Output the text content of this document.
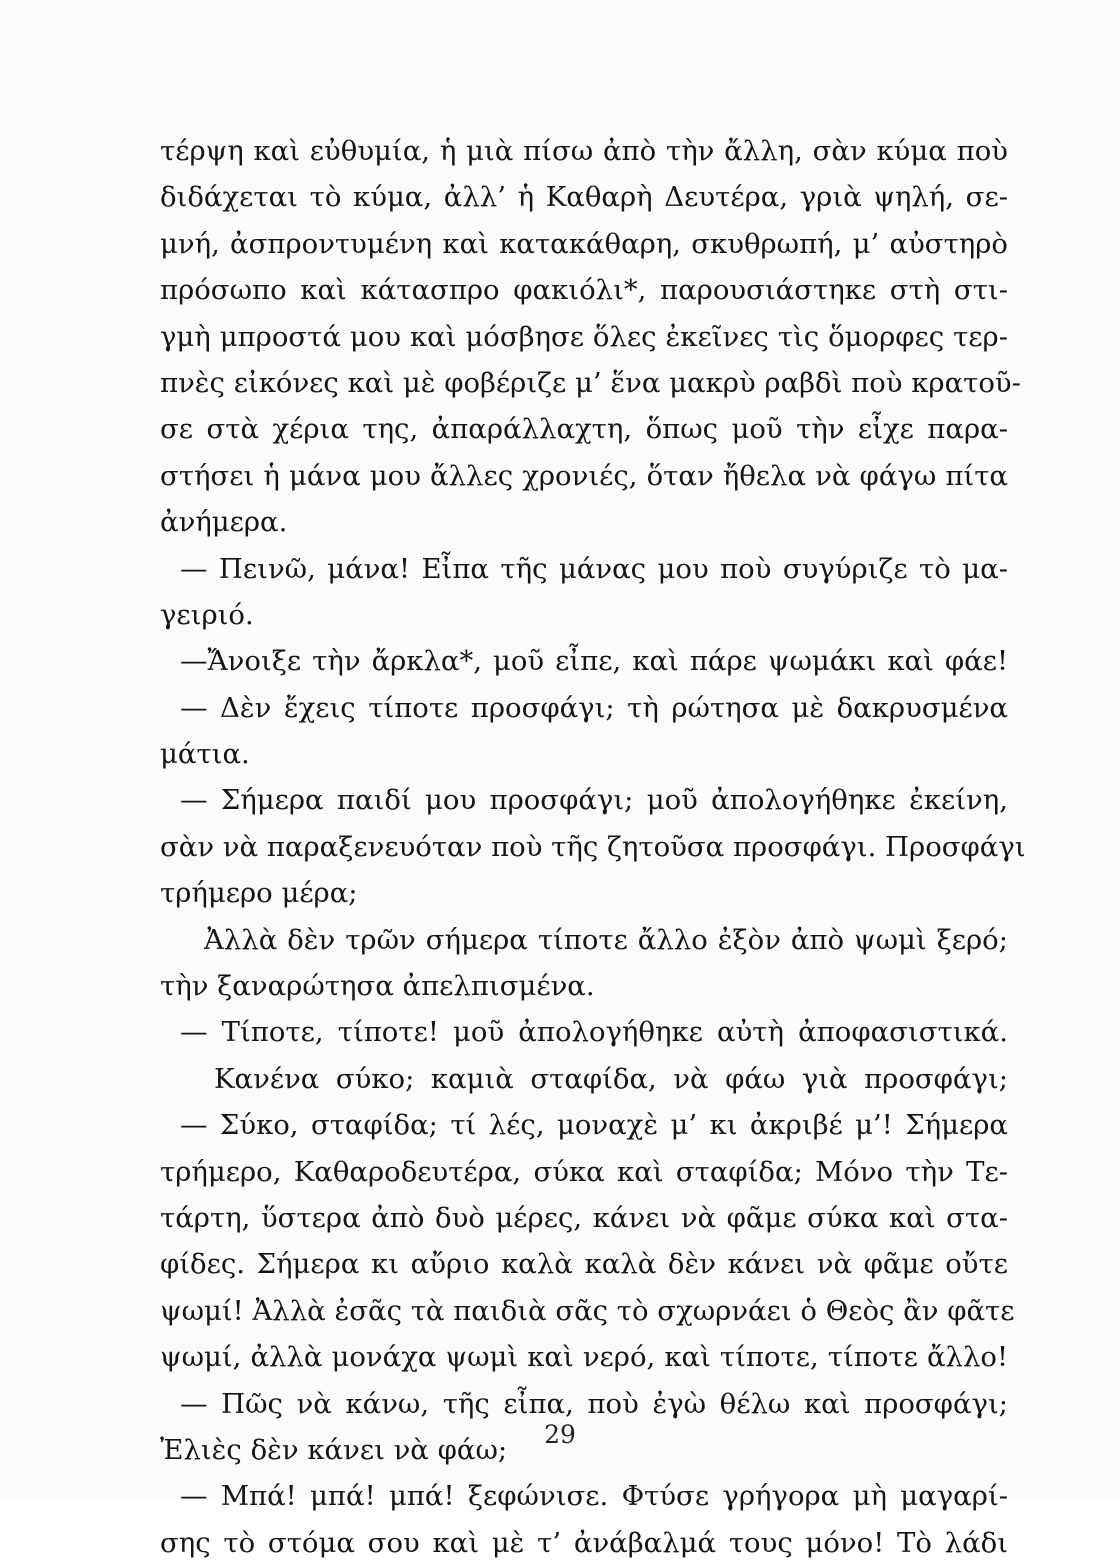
τέρψη καὶ εὐθυμία, ἡ μιὰ πίσω ἀπὸ τὴν ἄλλη, σὰν κύμα ποὺ
διδάχεται τὸ κύμα, ἀλλ’ ἡ Καθαρὴ Δευτέρα, γριὰ ψηλή, σε-
μνή, ἀσπροντυμένη καὶ κατακάθαρη, σκυθρωπή, μ’ αὐστηρὸ
πρόσωπο καὶ κάτασπρο φακιόλι*, παρουσιάστηκε στὴ στι-
γμὴ μπροστά μου καὶ μόσβησε ὅλες ἐκεῖνες τὶς ὅμορφες τερ-
πνὲς εἰκόνες καὶ μὲ φοβέριζε μ’ ἕνα μακρὺ ραβδὶ ποὺ κρατοῦ-
σε στὰ χέρια της, ἀπαράλλαχτη, ὅπως μοῦ τὴν εἶχε παρα-
στήσει ἡ μάνα μου ἄλλες χρονιές, ὅταν ἤθελα νὰ φάγω πίτα
ἀνήμερα.
— Πεινῶ, μάνα! Εἶπα τῆς μάνας μου ποὺ συγύριζε τὸ μα-
γειριό.
—Ἄνοιξε τὴν ἄρκλα*, μοῦ εἶπε, καὶ πάρε ψωμάκι καὶ φάε!
— Δὲν ἔχεις τίποτε προσφάγι; τὴ ρώτησα μὲ δακρυσμένα
μάτια.
— Σήμερα παιδί μου προσφάγι; μοῦ ἀπολογήθηκε ἐκείνη,
σὰν νὰ παραξενευόταν ποὺ τῆς ζητοῦσα προσφάγι. Προσφάγι
τρήμερο μέρα;
Ἀλλὰ δὲν τρῶν σήμερα τίποτε ἄλλο ἐξὸν ἀπὸ ψωμὶ ξερό;
τὴν ξαναρώτησα ἀπελπισμένα.
— Τίποτε, τίποτε! μοῦ ἀπολογήθηκε αὐτὴ ἀποφασιστικά.
Κανένα σύκο; καμιὰ σταφίδα, νὰ φάω γιὰ προσφάγι;
— Σύκο, σταφίδα; τί λές, μοναχὲ μ’ κι ἀκριβέ μ’! Σήμερα
τρήμερο, Καθαροδευτέρα, σύκα καὶ σταφίδα; Μόνο τὴν Τε-
τάρτη, ὕστερα ἀπὸ δυὸ μέρες, κάνει νὰ φᾶμε σύκα καὶ στα-
φίδες. Σήμερα κι αὔριο καλὰ καλὰ δὲν κάνει νὰ φᾶμε οὔτε
ψωμί! Ἀλλὰ ἐσᾶς τὰ παιδιὰ σᾶς τὸ σχωρνάει ὁ Θεὸς ἂν φᾶτε
ψωμί, ἀλλὰ μονάχα ψωμὶ καὶ νερό, καὶ τίποτε, τίποτε ἄλλο!
— Πῶς νὰ κάνω, τῆς εἶπα, ποὺ ἐγὼ θέλω καὶ προσφάγι;
Ἐλιὲς δὲν κάνει νὰ φάω;
— Μπά! μπά! μπά! ξεφώνισε. Φτύσε γρήγορα μὴ μαγαρί-
σης τὸ στόμα σου καὶ μὲ τ’ ἀνάβαλμά τους μόνο! Τὸ λάδι
29
